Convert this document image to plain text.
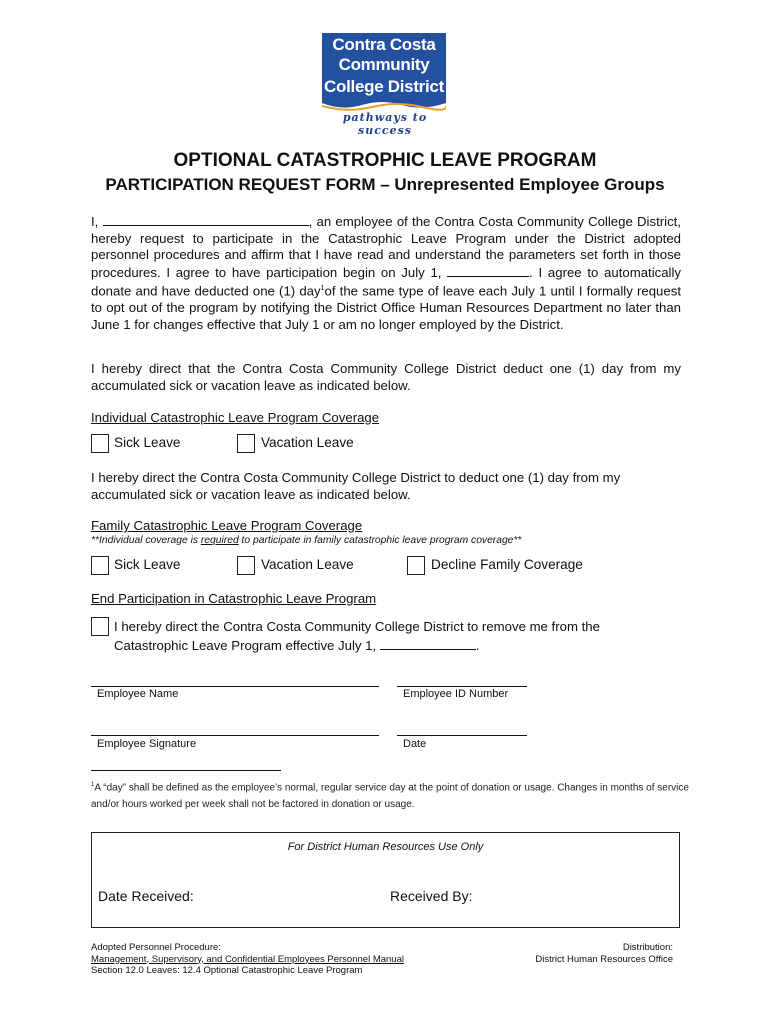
Contra Costa
Community
College District
pathways to success
OPTIONAL CATASTROPHIC LEAVE PROGRAM
PARTICIPATION REQUEST FORM – Unrepresented Employee Groups
I,	, an employee of the Contra Costa Community College District, hereby request to participate in the Catastrophic Leave Program under the District adopted personnel procedures and affirm that I have read and understand the parameters set forth in those procedures. I agree to have participation begin on July 1,	. I agree to automatically donate and have deducted one (1) day$^1$of the same type of leave each July 1 until I formally request to opt out of the program by notifying the District Office Human Resources Department no later than June 1 for changes effective that July 1 or am no longer employed by the District.
I hereby direct that the Contra Costa Community College District deduct one (1) day from my accumulated sick or vacation leave as indicated below.
Individual Catastrophic Leave Program Coverage
Sick Leave	Vacation Leave
I hereby direct the Contra Costa Community College District to deduct one (1) day from my accumulated sick or vacation leave as indicated below.
Family Catastrophic Leave Program Coverage
**Individual coverage is required to participate in family catastrophic leave program coverage**
Sick Leave	Vacation Leave	Decline Family Coverage
End Participation in Catastrophic Leave Program
I hereby direct the Contra Costa Community College District to remove me from the Catastrophic Leave Program effective July 1,	.
Employee Name	Employee ID Number
Employee Signature	Date
$^1$A “day” shall be defined as the employee’s normal, regular service day at the point of donation or usage. Changes in months of service and/or hours worked per week shall not be factored in donation or usage.
For District Human Resources Use Only
Date Received:	Received By:
Adopted Personnel Procedure:
Management, Supervisory, and Confidential Employees Personnel Manual
Section 12.0 Leaves: 12.4 Optional Catastrophic Leave Program
Distribution:
District Human Resources Office
